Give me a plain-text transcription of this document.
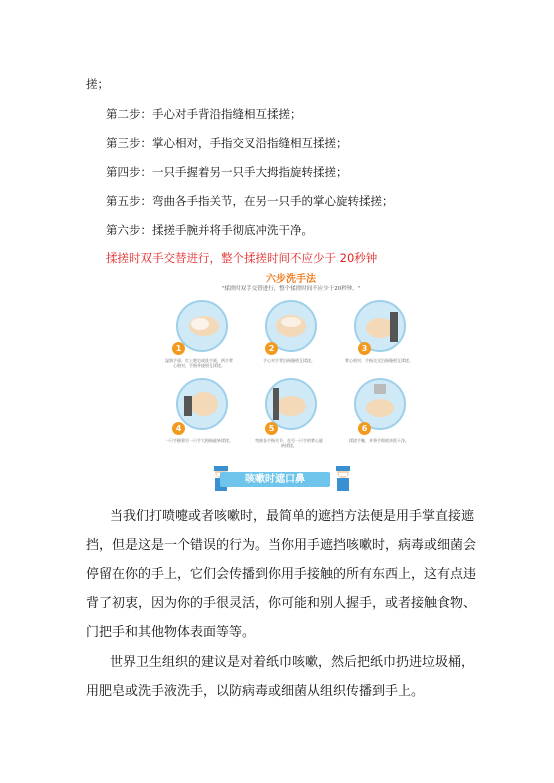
搓；
第二步：手心对手背沿指缝相互揉搓；
第三步：掌心相对，手指交叉沿指缝相互揉搓；
第四步：一只手握着另一只手大拇指旋转揉搓；
第五步：弯曲各手指关节，在另一只手的掌心旋转揉搓；
第六步：揉搓手腕并将手彻底冲洗干净。
揉搓时双手交替进行，整个揉搓时间不应少于 20秒钟
六步洗手法
"揉搓时双手交替进行，整个揉搓时间不应少于20秒钟。"
1
湿润手部，打上肥皂或洗手液，两手掌心相对，手指并拢相互揉搓。
2
手心对手背沿指缝相互揉搓。
3
掌心相对，手指交叉沿指缝相互揉搓。
4
一只手握着另一只手大拇指旋转揉搓。
5
弯曲各手指关节，在另一只手的掌心旋转揉搓。
6
揉搓手腕，并将手彻底冲洗干净。
咳嗽时遮口鼻
当我们打喷嚏或者咳嗽时，最简单的遮挡方法便是用手掌直接遮
挡，但是这是一个错误的行为。当你用手遮挡咳嗽时，病毒或细菌会
停留在你的手上，它们会传播到你用手接触的所有东西上，这有点违
背了初衷，因为你的手很灵活，你可能和别人握手，或者接触食物、
门把手和其他物体表面等等。
世界卫生组织的建议是对着纸巾咳嗽，然后把纸巾扔进垃圾桶，
用肥皂或洗手液洗手，以防病毒或细菌从组织传播到手上。
